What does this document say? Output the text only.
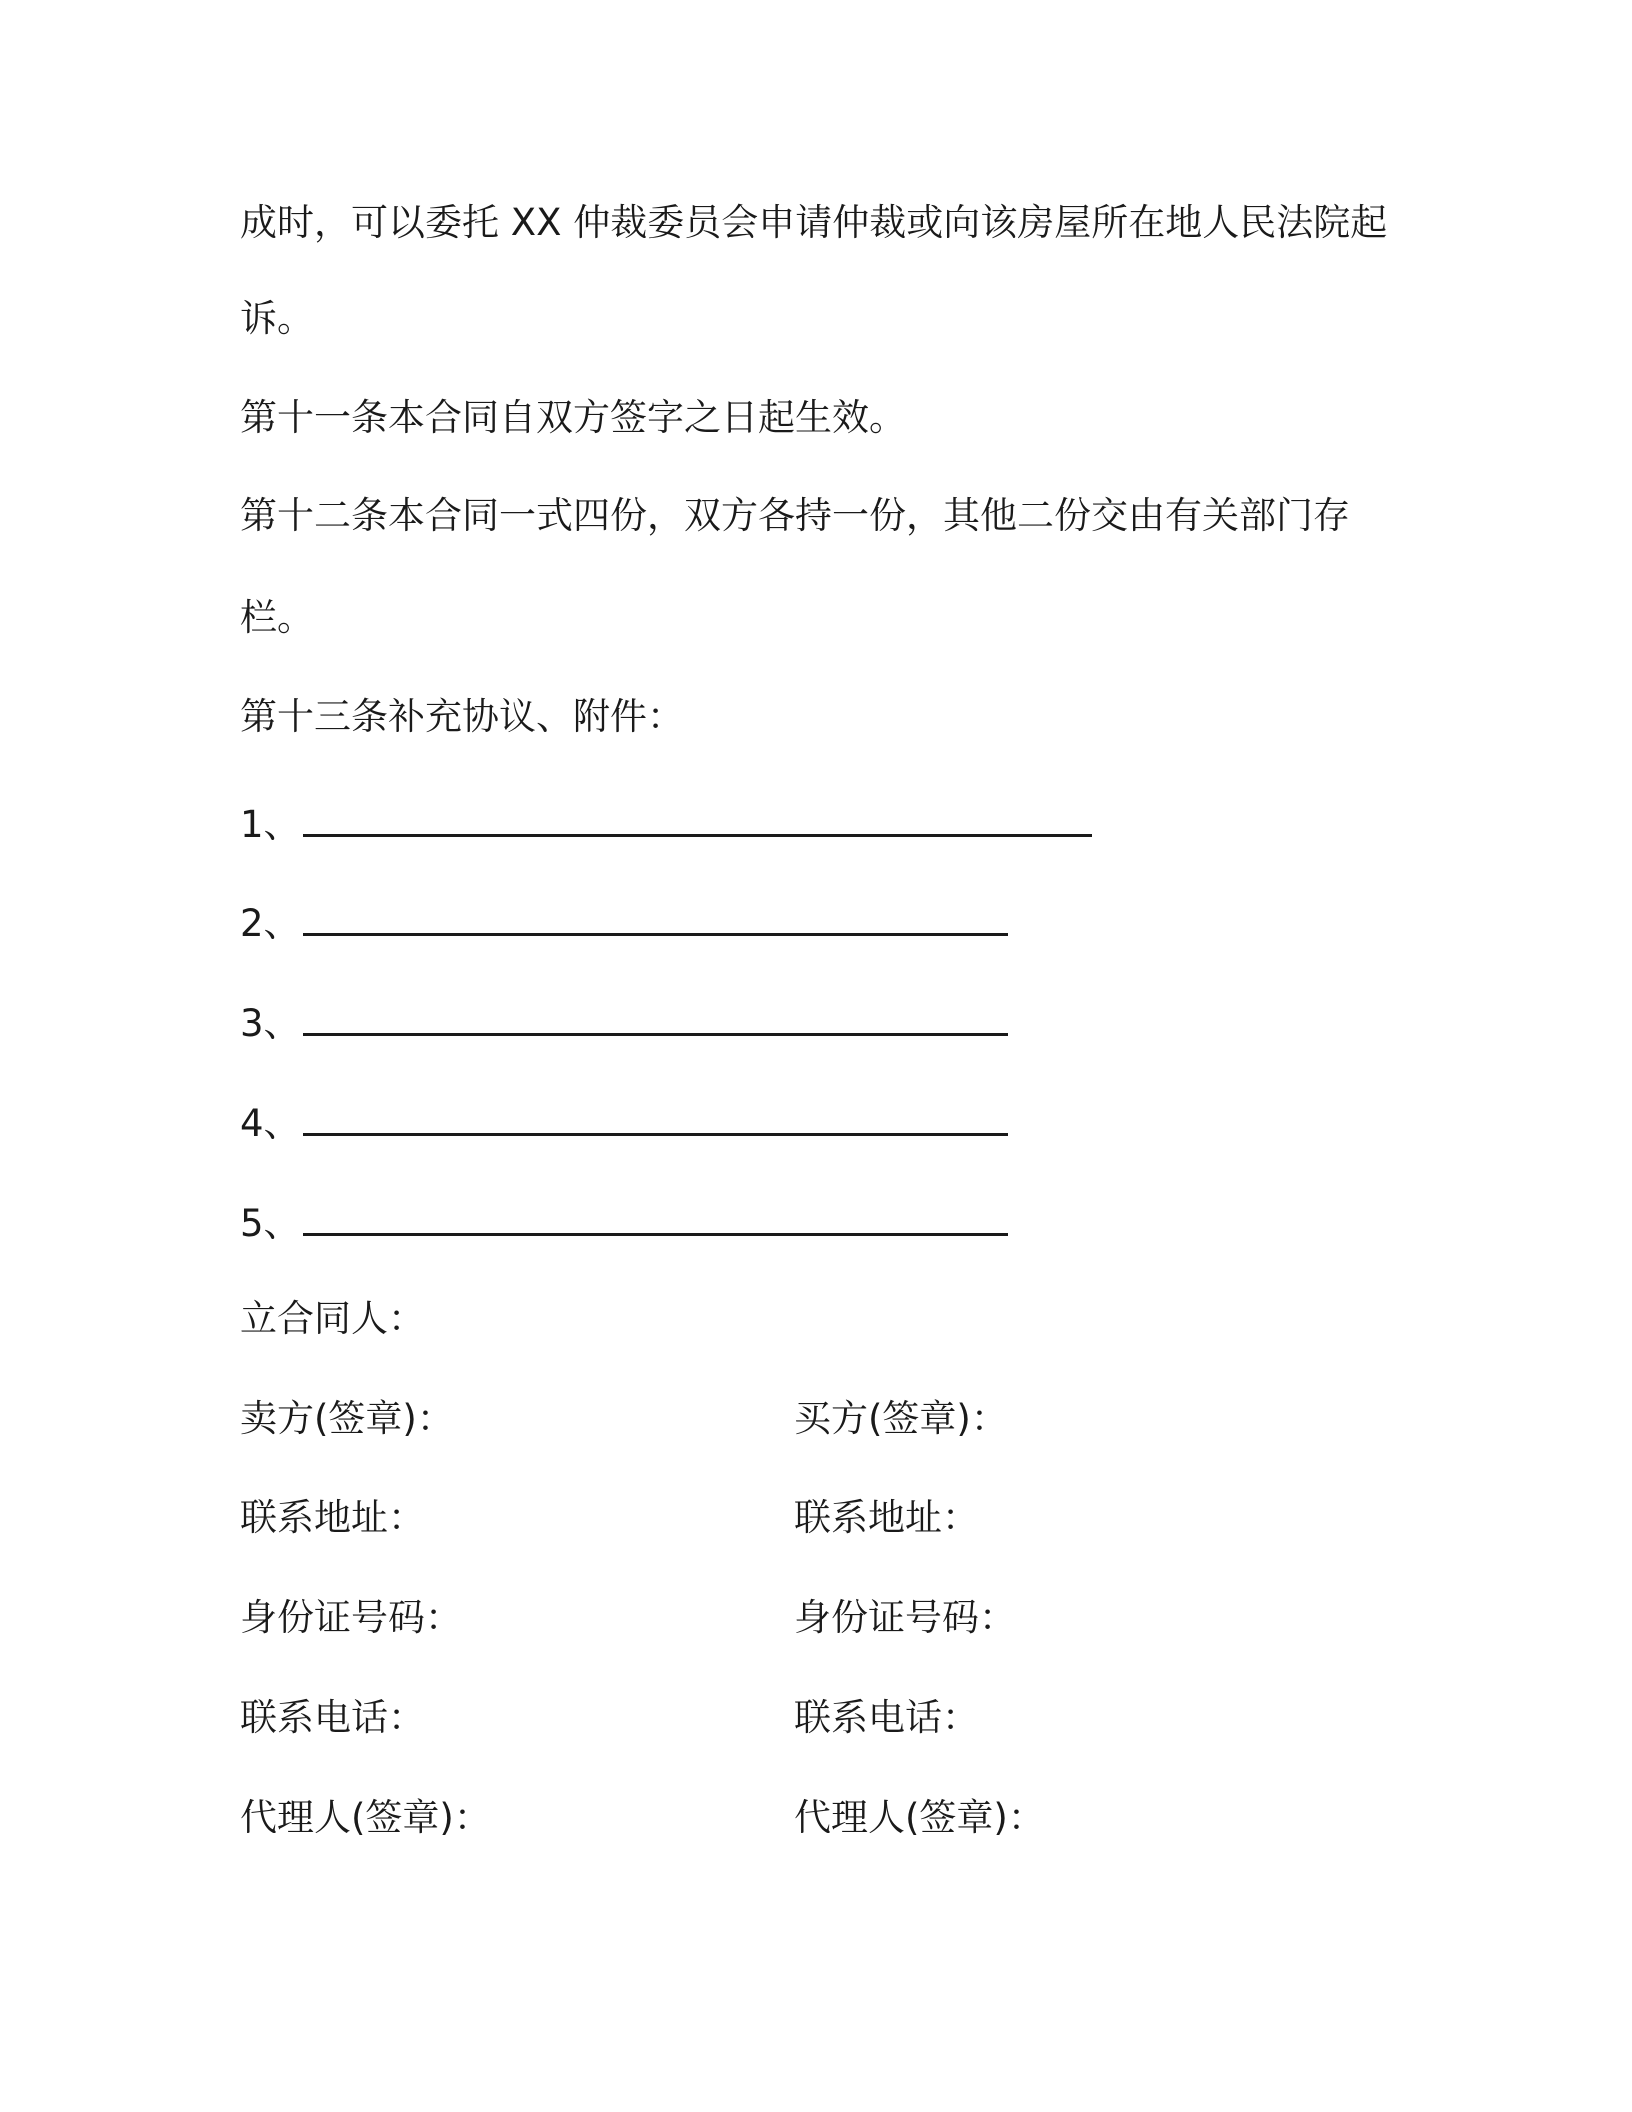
成时，可以委托 XX 仲裁委员会申请仲裁或向该房屋所在地人民法院起
诉。
第十一条本合同自双方签字之日起生效。
第十二条本合同一式四份，双方各持一份，其他二份交由有关部门存
栏。
第十三条补充协议、附件：
1、
2、
3、
4、
5、
立合同人：
卖方(签章)：	买方(签章)：
联系地址：	联系地址：
身份证号码：	身份证号码：
联系电话：	联系电话：
代理人(签章)：	代理人(签章)：
